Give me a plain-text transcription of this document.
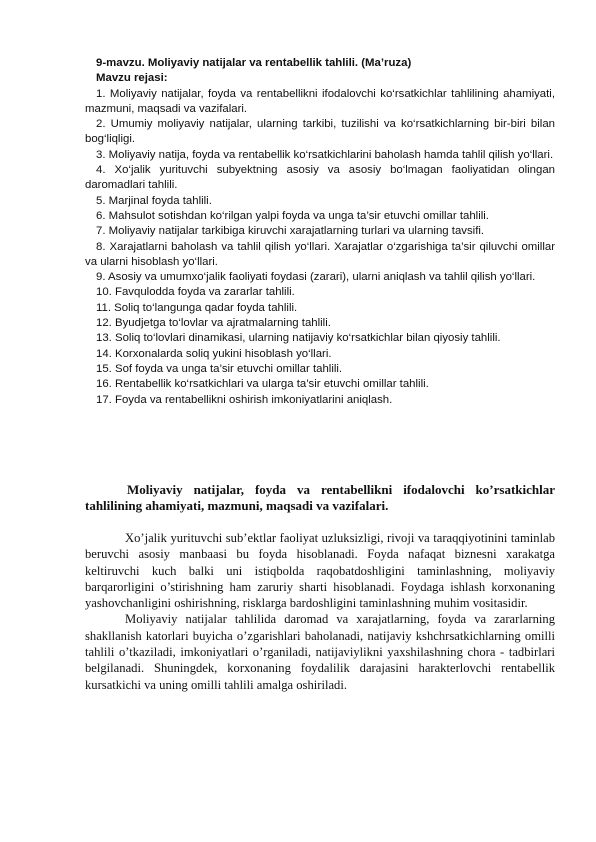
9-mavzu. Moliyaviy natijalar va rentabellik tahlili. (Ma’ruza)

Mavzu rejasi:

1. Moliyaviy natijalar, foyda va rentabellikni ifodalovchi ko‘rsatkichlar tahlilining ahamiyati, mazmuni, maqsadi va vazifalari.

2. Umumiy moliyaviy natijalar, ularning tarkibi, tuzilishi va ko‘rsatkichlarning bir-biri bilan bog‘liqligi.

3. Moliyaviy natija, foyda va rentabellik ko‘rsatkichlarini baholash hamda tahlil qilish yo‘llari.

4. Xo‘jalik yurituvchi subyektning asosiy va asosiy bo‘lmagan faoliyatidan olingan daromadlari tahlili.

5. Marjinal foyda tahlili.

6. Mahsulot sotishdan ko‘rilgan yalpi foyda va unga ta’sir etuvchi omillar tahlili.

7. Moliyaviy natijalar tarkibiga kiruvchi xarajatlarning turlari va ularning tavsifi.

8. Xarajatlarni baholash va tahlil qilish yo‘llari. Xarajatlar o‘zgarishiga ta’sir qiluvchi omillar va ularni hisoblash yo‘llari.

9. Asosiy va umumxo‘jalik faoliyati foydasi (zarari), ularni aniqlash va tahlil qilish yo‘llari.

10. Favqulodda foyda va zararlar tahlili.

11. Soliq to‘langunga qadar foyda tahlili.

12. Byudjetga to‘lovlar va ajratmalarning tahlili.

13. Soliq to‘lovlari dinamikasi, ularning natijaviy ko‘rsatkichlar bilan qiyosiy tahlili.

14. Korxonalarda soliq yukini hisoblash yo‘llari.

15. Sof foyda va unga ta’sir etuvchi omillar tahlili.

16. Rentabellik ko‘rsatkichlari va ularga ta’sir etuvchi omillar tahlili.

17. Foyda va rentabellikni oshirish imkoniyatlarini aniqlash.

Moliyaviy natijalar, foyda va rentabellikni ifodalovchi ko’rsatkichlar tahlilining ahamiyati, mazmuni, maqsadi va vazifalari.

Xo’jalik yurituvchi sub’ektlar faoliyat uzluksizligi, rivoji va taraqqiyotinini taminlab beruvchi asosiy manbaasi bu foyda hisoblanadi. Foyda nafaqat biznesni xarakatga keltiruvchi kuch balki uni istiqbolda raqobatdoshligini taminlashning, moliyaviy barqarorligini o’stirishning ham zaruriy sharti hisoblanadi. Foydaga ishlash korxonaning yashovchanligini oshirishning, risklarga bardoshligini taminlashning muhim vositasidir.

Moliyaviy natijalar tahlilida daromad va xarajatlarning, foyda va zararlarning shakllanish katorlari buyicha o’zgarishlari baholanadi, natijaviy kshchrsatkichlarning omilli tahlili o’tkaziladi, imkoniyatlari o’rganiladi, natijaviylikni yaxshilashning chora - tadbirlari belgilanadi. Shuningdek, korxonaning foydalilik darajasini harakterlovchi rentabellik kursatkichi va uning omilli tahlili amalga oshiriladi.
